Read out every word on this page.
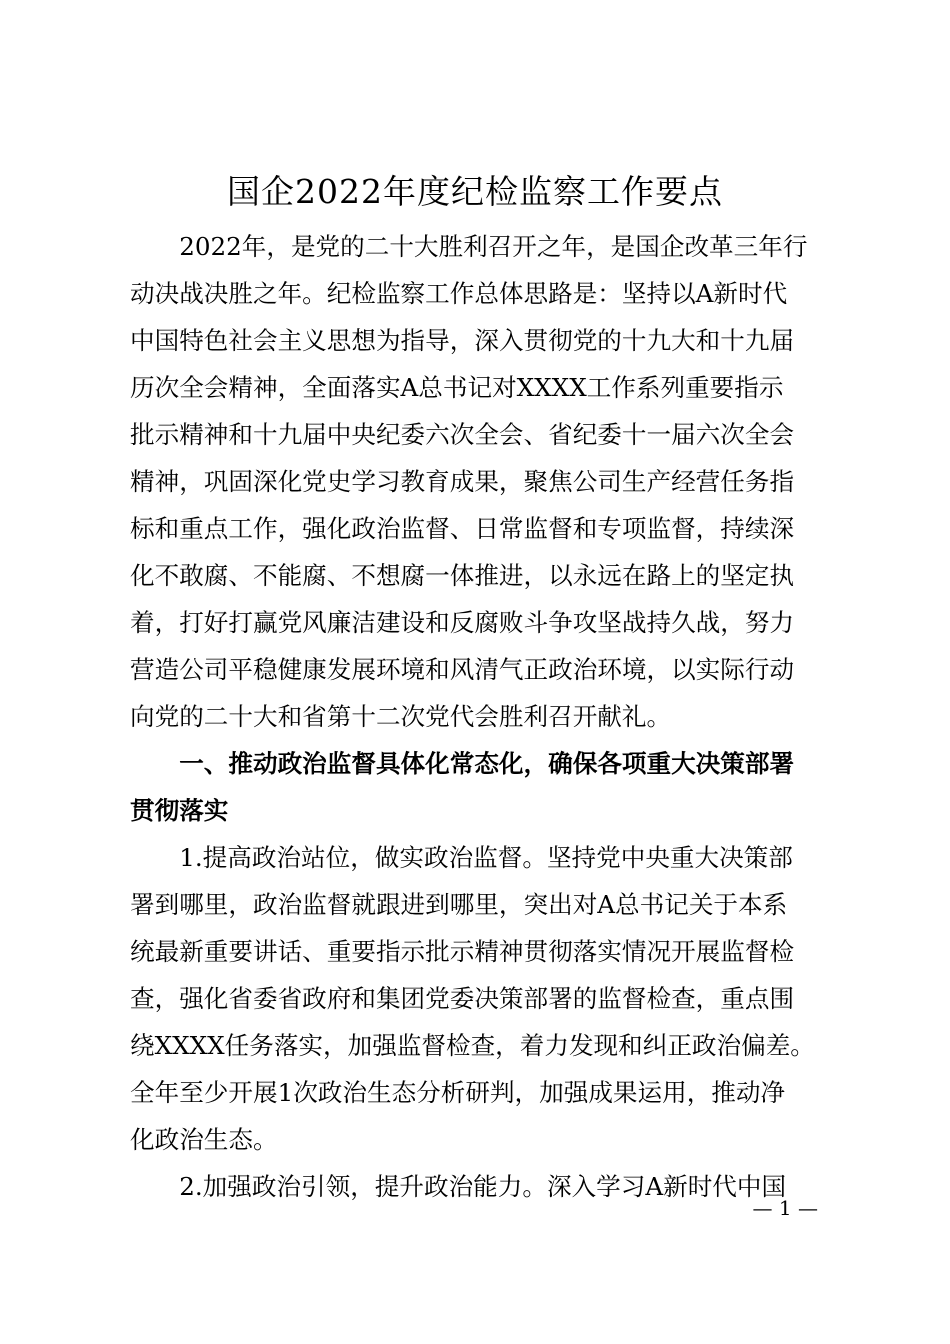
国企2022年度纪检监察工作要点
　　2022年，是党的二十大胜利召开之年，是国企改革三年行
动决战决胜之年。纪检监察工作总体思路是：坚持以A新时代
中国特色社会主义思想为指导，深入贯彻党的十九大和十九届
历次全会精神，全面落实A总书记对XXXX工作系列重要指示
批示精神和十九届中央纪委六次全会、省纪委十一届六次全会
精神，巩固深化党史学习教育成果，聚焦公司生产经营任务指
标和重点工作，强化政治监督、日常监督和专项监督，持续深
化不敢腐、不能腐、不想腐一体推进，以永远在路上的坚定执
着，打好打赢党风廉洁建设和反腐败斗争攻坚战持久战，努力
营造公司平稳健康发展环境和风清气正政治环境，以实际行动
向党的二十大和省第十二次党代会胜利召开献礼。
　　一、推动政治监督具体化常态化，确保各项重大决策部署
贯彻落实
　　1.提高政治站位，做实政治监督。坚持党中央重大决策部
署到哪里，政治监督就跟进到哪里，突出对A总书记关于本系
统最新重要讲话、重要指示批示精神贯彻落实情况开展监督检
查，强化省委省政府和集团党委决策部署的监督检查，重点围
绕XXXX任务落实，加强监督检查，着力发现和纠正政治偏差。
全年至少开展1次政治生态分析研判，加强成果运用，推动净
化政治生态。
　　2.加强政治引领，提升政治能力。深入学习A新时代中国
— 1 —
